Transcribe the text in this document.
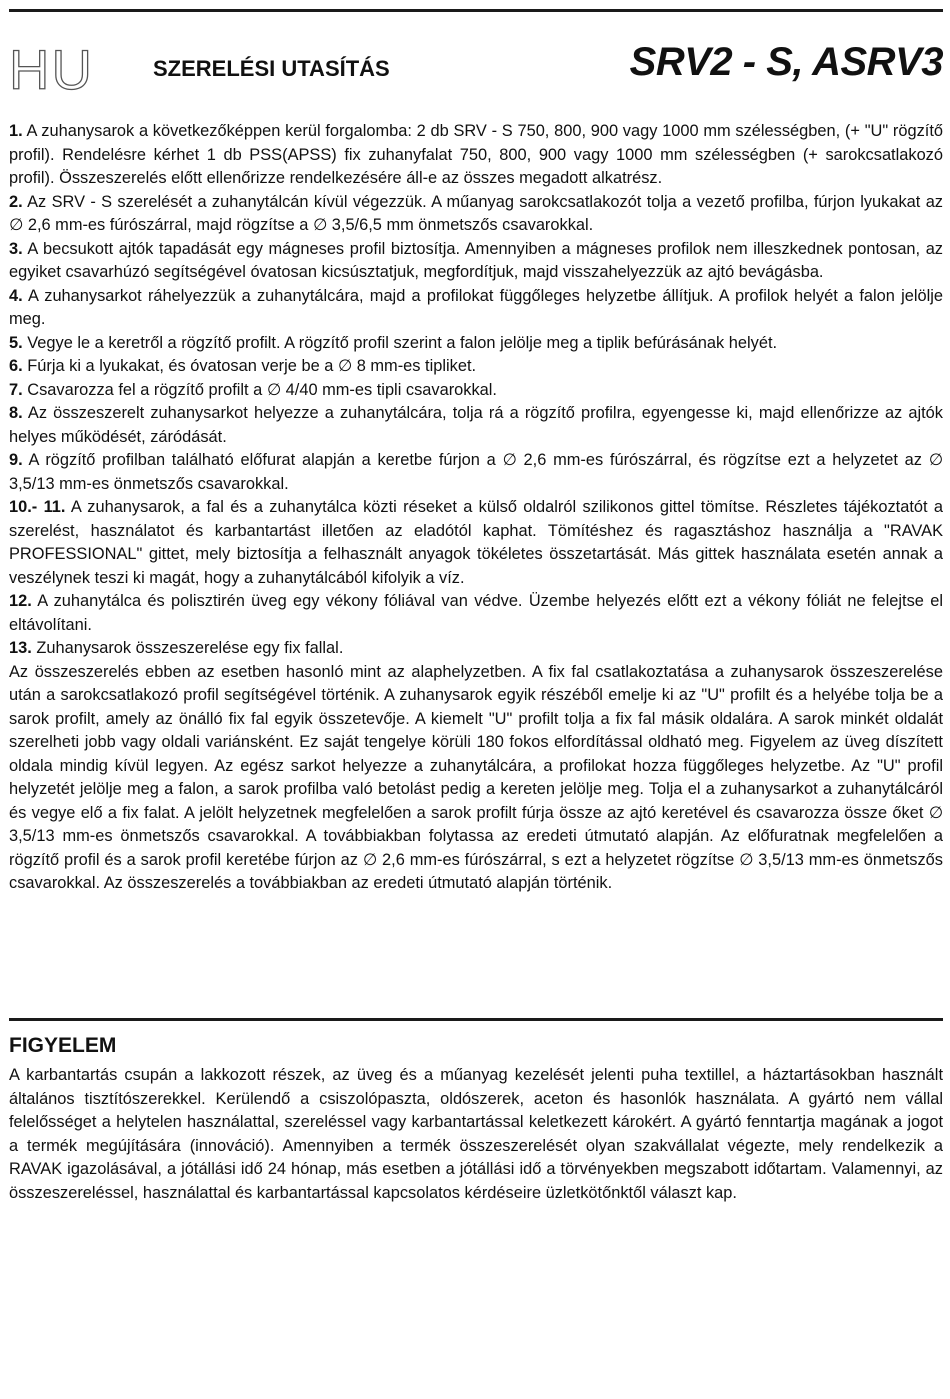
HU	SZERELÉSI UTASÍTÁS	SRV2 - S, ASRV3

1. A zuhanysarok a következőképpen kerül forgalomba: 2 db SRV - S 750, 800, 900 vagy 1000 mm szélességben, (+ "U" rögzítő profil). Rendelésre kérhet 1 db PSS(APSS) fix zuhanyfalat 750, 800, 900 vagy 1000 mm szélességben (+ sarokcsatlakozó profil). Összeszerelés előtt ellenőrizze rendelkezésére áll-e az összes megadott alkatrész.

2. Az SRV - S szerelését a zuhanytálcán kívül végezzük. A műanyag sarokcsatlakozót tolja a vezető profilba, fúrjon lyukakat az ∅ 2,6 mm-es fúrószárral, majd rögzítse a ∅ 3,5/6,5 mm önmetszős csavarokkal.

3. A becsukott ajtók tapadását egy mágneses profil biztosítja. Amennyiben a mágneses profilok nem illeszkednek pontosan, az egyiket csavarhúzó segítségével óvatosan kicsúsztatjuk, megfordítjuk, majd visszahelyezzük az ajtó bevágásba.

4. A zuhanysarkot ráhelyezzük a zuhanytálcára, majd a profilokat függőleges helyzetbe állítjuk. A profilok helyét a falon jelölje meg.

5. Vegye le a keretről a rögzítő profilt. A rögzítő profil szerint a falon jelölje meg a tiplik befúrásának helyét.

6. Fúrja ki a lyukakat, és óvatosan verje be a ∅ 8 mm-es tipliket.

7. Csavarozza fel a rögzítő profilt a ∅ 4/40 mm-es tipli csavarokkal.

8. Az összeszerelt zuhanysarkot helyezze a zuhanytálcára, tolja rá a rögzítő profilra, egyengesse ki, majd ellenőrizze az ajtók helyes működését, záródását.

9. A rögzítő profilban található előfurat alapján a keretbe fúrjon a ∅ 2,6 mm-es fúrószárral, és rögzítse ezt a helyzetet az ∅ 3,5/13 mm-es önmetszős csavarokkal.

10.- 11. A zuhanysarok, a fal és a zuhanytálca közti réseket a külső oldalról szilikonos gittel tömítse. Részletes tájékoztatót a szerelést, használatot és karbantartást illetően az eladótól kaphat. Tömítéshez és ragasztáshoz használja a "RAVAK PROFESSIONAL" gittet, mely biztosítja a felhasznált anyagok tökéletes összetartását. Más gittek használata esetén annak a veszélynek teszi ki magát, hogy a zuhanytálcából kifolyik a víz.

12. A zuhanytálca és polisztirén üveg egy vékony fóliával van védve. Üzembe helyezés előtt ezt a vékony fóliát ne felejtse el eltávolítani.

13. Zuhanysarok összeszerelése egy fix fallal.

Az összeszerelés ebben az esetben hasonló mint az alaphelyzetben. A fix fal csatlakoztatása a zuhanysarok összeszerelése után a sarokcsatlakozó profil segítségével történik. A zuhanysarok egyik részéből emelje ki az "U" profilt és a helyébe tolja be a sarok profilt, amely az önálló fix fal egyik összetevője. A kiemelt "U" profilt tolja a fix fal másik oldalára. A sarok minkét oldalát szerelheti jobb vagy oldali variánsként. Ez saját tengelye körüli 180 fokos elfordítással oldható meg. Figyelem az üveg díszített oldala mindig kívül legyen. Az egész sarkot helyezze a zuhanytálcára, a profilokat hozza függőleges helyzetbe. Az "U" profil helyzetét jelölje meg a falon, a sarok profilba való betolást pedig a kereten jelölje meg. Tolja el a zuhanysarkot a zuhanytálcáról és vegye elő a fix falat. A jelölt helyzetnek megfelelően a sarok profilt fúrja össze az ajtó keretével és csavarozza össze őket ∅ 3,5/13 mm-es önmetszős csavarokkal. A továbbiakban folytassa az eredeti útmutató alapján. Az előfuratnak megfelelően a rögzítő profil és a sarok profil keretébe fúrjon az ∅ 2,6 mm-es fúrószárral, s ezt a helyzetet rögzítse ∅ 3,5/13 mm-es önmetszős csavarokkal. Az összeszerelés a továbbiakban az eredeti útmutató alapján történik.

FIGYELEM

A karbantartás csupán a lakkozott részek, az üveg és a műanyag kezelését jelenti puha textillel, a háztartásokban használt általános tisztítószerekkel. Kerülendő a csiszolópaszta, oldószerek, aceton és hasonlók használata. A gyártó nem vállal felelősséget a helytelen használattal, szereléssel vagy karbantartással keletkezett károkért. A gyártó fenntartja magának a jogot a termék megújítására (innováció). Amennyiben a termék összeszerelését olyan szakvállalat végezte, mely rendelkezik a RAVAK igazolásával, a jótállási idő 24 hónap, más esetben a jótállási idő a törvényekben megszabott időtartam. Valamennyi, az összeszereléssel, használattal és karbantartással kapcsolatos kérdéseire üzletkötőnktől választ kap.
